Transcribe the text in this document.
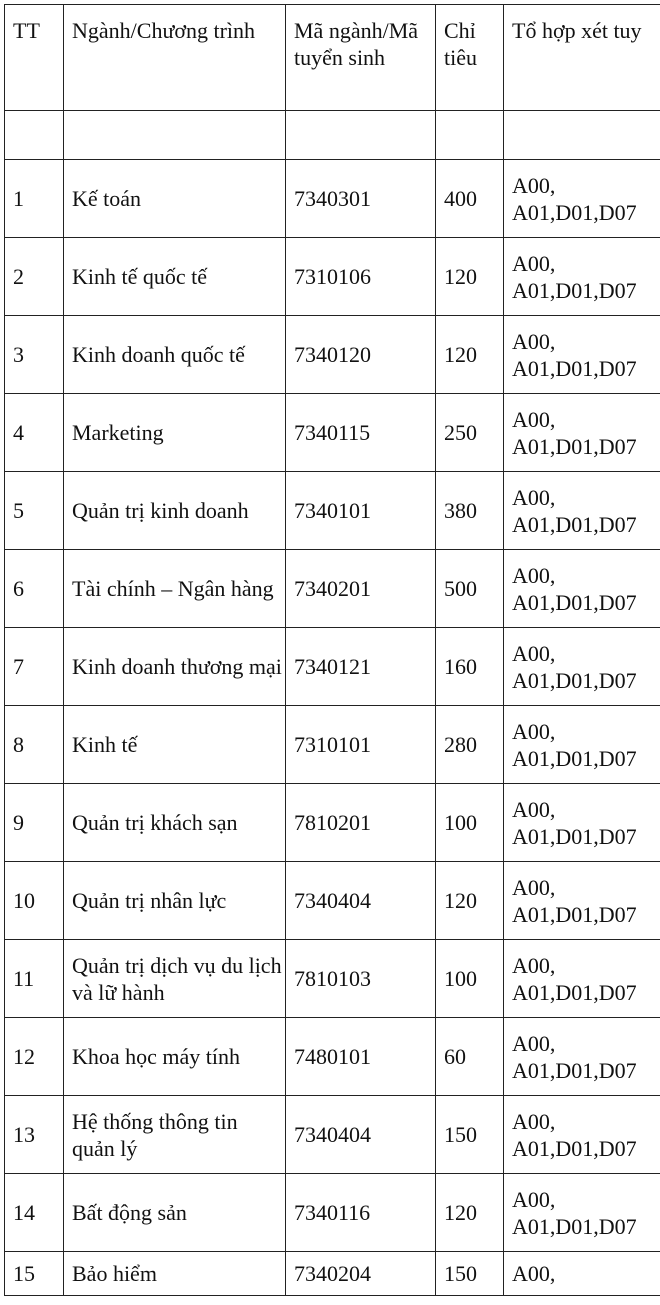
TT	Ngành/Chương trình	Mã ngành/Mã tuyển sinh	Chỉ tiêu	Tổ hợp xét tuy

1	Kế toán	7340301	400	A00,
A01,D01,D07

2	Kinh tế quốc tế	7310106	120	A00,
A01,D01,D07

3	Kinh doanh quốc tế	7340120	120	A00,
A01,D01,D07

4	Marketing	7340115	250	A00,
A01,D01,D07

5	Quản trị kinh doanh	7340101	380	A00,
A01,D01,D07

6	Tài chính – Ngân hàng	7340201	500	A00,
A01,D01,D07

7	Kinh doanh thương mại	7340121	160	A00,
A01,D01,D07

8	Kinh tế	7310101	280	A00,
A01,D01,D07

9	Quản trị khách sạn	7810201	100	A00,
A01,D01,D07

10	Quản trị nhân lực	7340404	120	A00,
A01,D01,D07

11	Quản trị dịch vụ du lịch và lữ hành	7810103	100	A00,
A01,D01,D07

12	Khoa học máy tính	7480101	60	A00,
A01,D01,D07

13	Hệ thống thông tin quản lý	7340404	150	A00,
A01,D01,D07

14	Bất động sản	7340116	120	A00,
A01,D01,D07

15	Bảo hiểm	7340204	150	A00,
